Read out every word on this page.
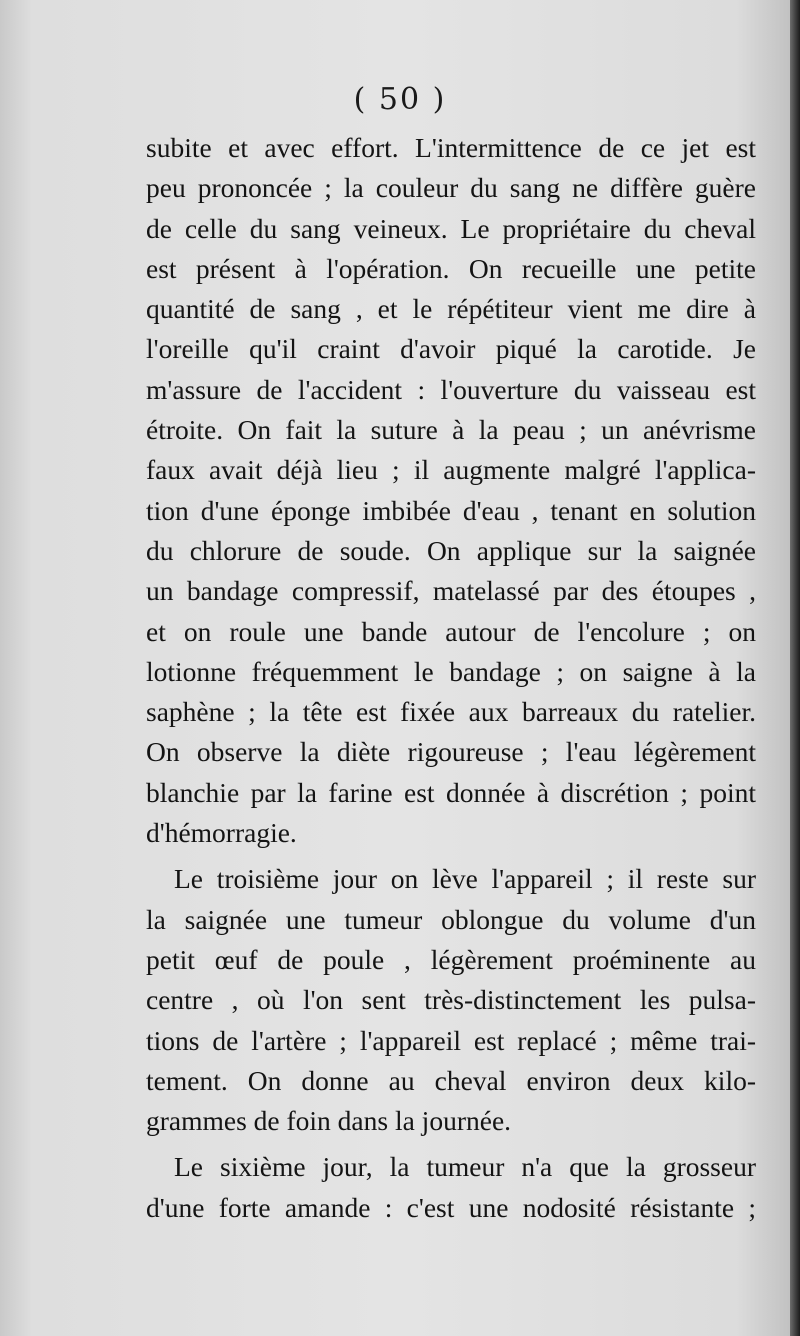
( 50 )
subite et avec effort. L'intermittence de ce jet est
peu prononcée ; la couleur du sang ne diffère guère
de celle du sang veineux. Le propriétaire du cheval
est présent à l'opération. On recueille une petite
quantité de sang , et le répétiteur vient me dire à
l'oreille qu'il craint d'avoir piqué la carotide. Je
m'assure de l'accident : l'ouverture du vaisseau est
étroite. On fait la suture à la peau ; un anévrisme
faux avait déjà lieu ; il augmente malgré l'applica-
tion d'une éponge imbibée d'eau , tenant en solution
du chlorure de soude. On applique sur la saignée
un bandage compressif, matelassé par des étoupes ,
et on roule une bande autour de l'encolure ; on
lotionne fréquemment le bandage ; on saigne à la
saphène ; la tête est fixée aux barreaux du ratelier.
On observe la diète rigoureuse ; l'eau légèrement
blanchie par la farine est donnée à discrétion ; point
d'hémorragie.
Le troisième jour on lève l'appareil ; il reste sur
la saignée une tumeur oblongue du volume d'un
petit œuf de poule , légèrement proéminente au
centre , où l'on sent très-distinctement les pulsa-
tions de l'artère ; l'appareil est replacé ; même trai-
tement. On donne au cheval environ deux kilo-
grammes de foin dans la journée.
Le sixième jour, la tumeur n'a que la grosseur
d'une forte amande : c'est une nodosité résistante ;
